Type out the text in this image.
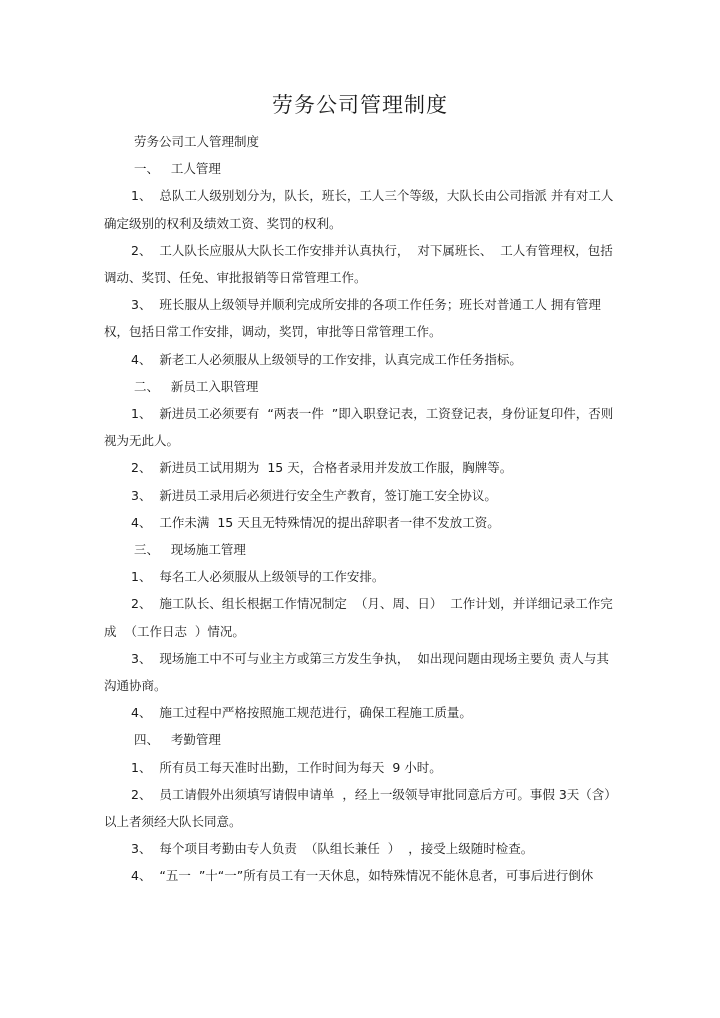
劳务公司管理制度

劳务公司工人管理制度

一、   工人管理

1、  总队工人级别划分为，队长，班长，工人三个等级，大队长由公司指派 并有对工人确定级别的权利及绩效工资、奖罚的权利。

2、  工人队长应服从大队长工作安排并认真执行，  对下属班长、  工人有管理权，包括调动、奖罚、任免、审批报销等日常管理工作。

3、  班长服从上级领导并顺利完成所安排的各项工作任务；班长对普通工人 拥有管理权，包括日常工作安排，调动，奖罚，审批等日常管理工作。

4、  新老工人必须服从上级领导的工作安排，认真完成工作任务指标。

二、   新员工入职管理

1、  新进员工必须要有  “两表一件  ”即入职登记表，工资登记表，身份证复印件，否则视为无此人。

2、  新进员工试用期为  15 天，合格者录用并发放工作服，胸牌等。

3、  新进员工录用后必须进行安全生产教育，签订施工安全协议。

4、  工作未满  15 天且无特殊情况的提出辞职者一律不发放工资。

三、   现场施工管理

1、  每名工人必须服从上级领导的工作安排。

2、  施工队长、组长根据工作情况制定  （月、周、日）  工作计划，并详细记录工作完成  （工作日志  ）情况。

3、  现场施工中不可与业主方或第三方发生争执，  如出现问题由现场主要负 责人与其沟通协商。

4、  施工过程中严格按照施工规范进行，确保工程施工质量。

四、   考勤管理

1、  所有员工每天准时出勤，工作时间为每天  9 小时。

2、  员工请假外出须填写请假申请单  ，经上一级领导审批同意后方可。事假 3天（含）以上者须经大队长同意。

3、  每个项目考勤由专人负责  （队组长兼任  ）  ，接受上级随时检查。

4、  “五一  ”十“一”所有员工有一天休息，如特殊情况不能休息者，可事后进行倒休
